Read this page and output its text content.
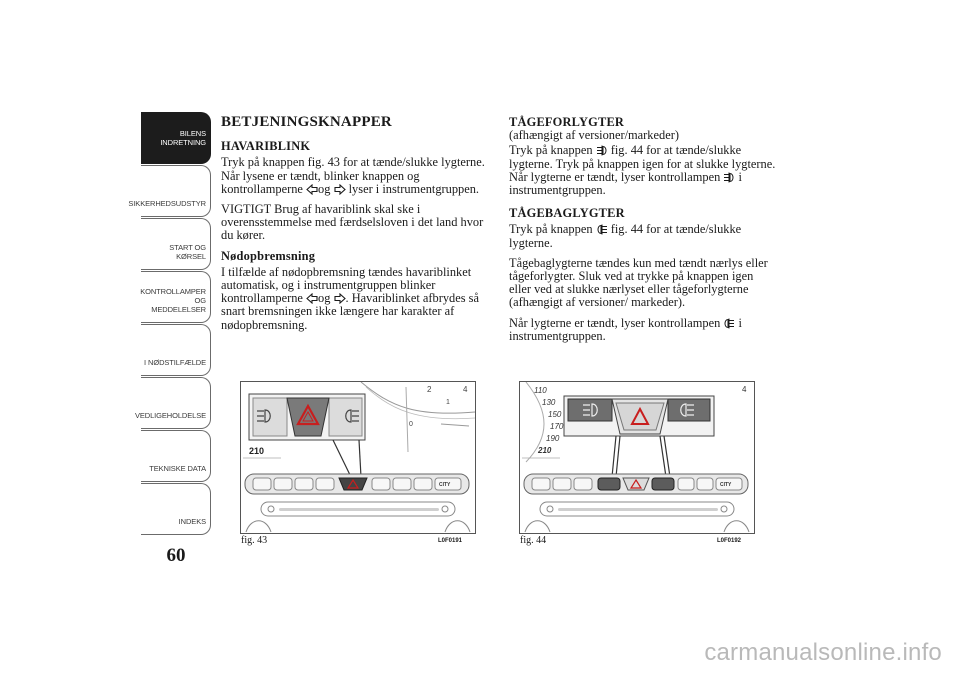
BILENS INDRETNING
SIKKERHEDSUDSTYR
START OG KØRSEL
KONTROLLAMPER OG MEDDELELSER
I NØDSTILFÆLDE
VEDLIGEHOLDELSE
TEKNISKE DATA
INDEKS
60
BETJENINGSKNAPPER
HAVARIBLINK

Tryk på knappen fig. 43 for at tænde/slukke lygterne. Når lysene er tændt, blinker knappen og kontrollamperne og lyser i instrumentgruppen.

VIGTIGT Brug af havariblink skal ske i overensstemmelse med færdselsloven i det land hvor du kører.

Nødopbremsning

I tilfælde af nødopbremsning tændes havariblinket automatisk, og i instrumentgruppen blinker kontrollamperne og . Havariblinket afbrydes så snart bremsningen ikke længere har karakter af nødopbremsning.

TÅGEFORLYGTER

(afhængigt af versioner/markeder)

Tryk på knappen fig. 44 for at tænde/slukke lygterne. Tryk på knappen igen for at slukke lygterne. Når lygterne er tændt, lyser kontrollampen i instrumentgruppen.

TÅGEBAGLYGTER

Tryk på knappen fig. 44 for at tænde/slukke lygterne.

Tågebaglygterne tændes kun med tændt nærlys eller tågeforlygter. Sluk ved at trykke på knappen igen eller ved at slukke nærlyset eller tågeforlygterne (afhængigt af versioner/ markeder).

Når lygterne er tændt, lyser kontrollampen i instrumentgruppen.

2	4
1
0
210
CITY
fig. 43	L0F0191
110
130
150
170
190
210
4
CITY
fig. 44	L0F0192
carmanualsonline.info
